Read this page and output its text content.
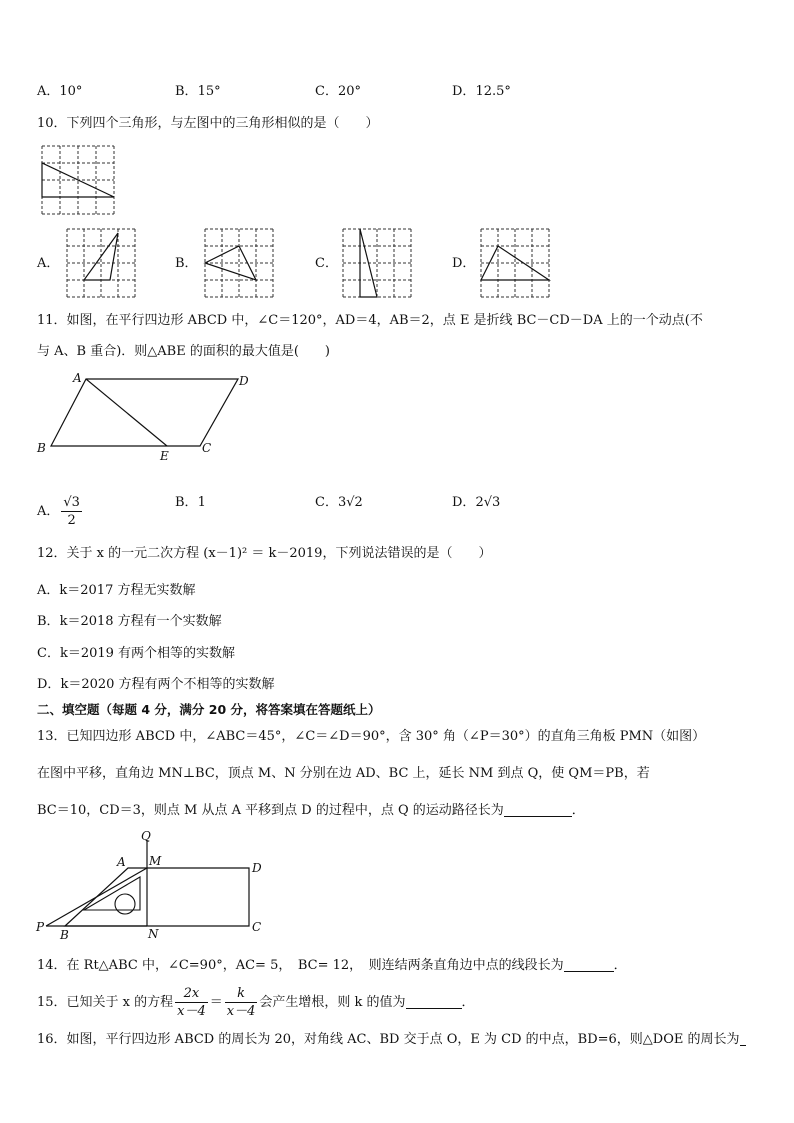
A．10°	B．15°	C．20°	D．12.5°
10．下列四个三角形，与左图中的三角形相似的是（　　）
A．	B．	C．	D．
11．如图，在平行四边形 ABCD 中，∠C＝120°，AD＝4，AB＝2，点 E 是折线 BC－CD－DA 上的一个动点(不
与 A、B 重合)．则△ABE 的面积的最大值是(　　)
A	D
B
E
C
A． $\frac{√3}{2}$	B．1	C．3√2	D．2√3
12．关于 x 的一元二次方程 (x－1)² ＝ k－2019，下列说法错误的是（　　）
A．k＝2017 方程无实数解
B．k＝2018 方程有一个实数解
C．k＝2019 有两个相等的实数解
D．k＝2020 方程有两个不相等的实数解
二、填空题（每题 4 分，满分 20 分，将答案填在答题纸上）
13．已知四边形 ABCD 中，∠ABC＝45°，∠C＝∠D＝90°，含 30° 角（∠P＝30°）的直角三角板 PMN（如图）
在图中平移，直角边 MN⊥BC，顶点 M、N 分别在边 AD、BC 上，延长 NM 到点 Q，使 QM＝PB，若
BC＝10，CD＝3，则点 M 从点 A 平移到点 D 的过程中，点 Q 的运动路径长为	．
Q
A M	D
P
B	N	C
14．在 Rt△ABC 中，∠C=90°，AC= 5，　BC= 12，　则连结两条直角边中点的线段长为	．
15．已知关于 x 的方程 $\frac{2x}{x-4} = \frac{k}{x-4}$ 会产生增根，则 k 的值为	．
16．如图，平行四边形 ABCD 的周长为 20，对角线 AC、BD 交于点 O，E 为 CD 的中点，BD=6，则△DOE 的周长为
